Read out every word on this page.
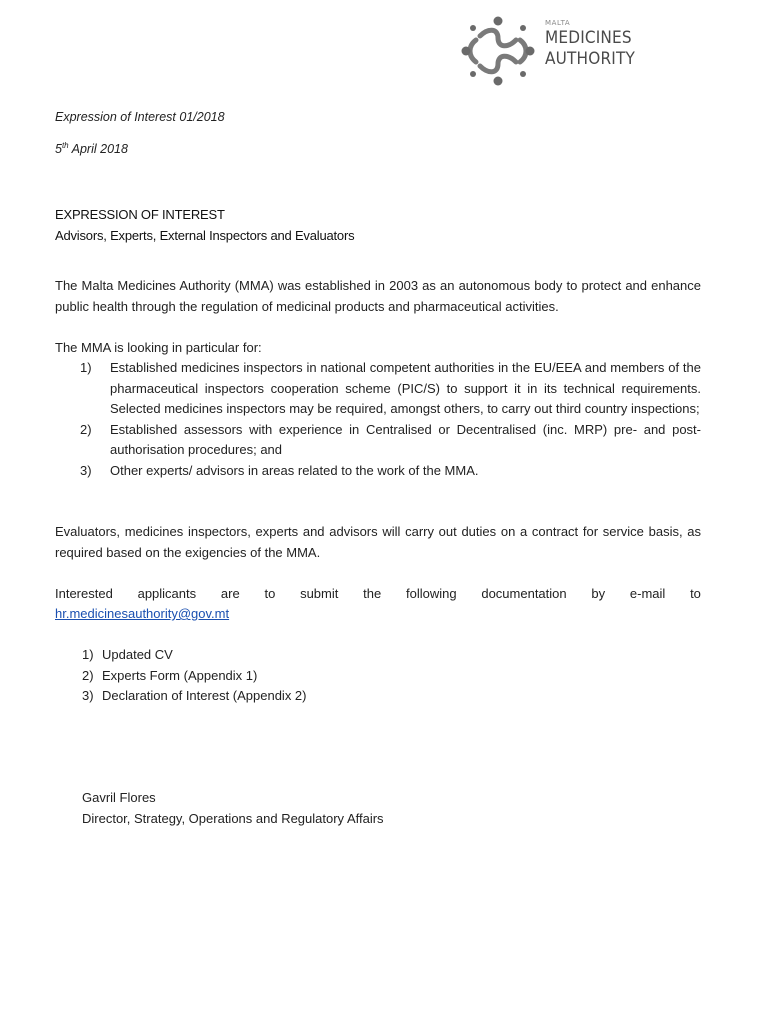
MALTA
MEDICINES
AUTHORITY
Expression of Interest 01/2018
5th April 2018
EXPRESSION OF INTEREST
Advisors, Experts, External Inspectors and Evaluators
The Malta Medicines Authority (MMA) was established in 2003 as an autonomous body to protect and enhance public health through the regulation of medicinal products and pharmaceutical activities.
The MMA is looking in particular for:
1) Established medicines inspectors in national competent authorities in the EU/EEA and members of the pharmaceutical inspectors cooperation scheme (PIC/S) to support it in its technical requirements. Selected medicines inspectors may be required, amongst others, to carry out third country inspections;
2) Established assessors with experience in Centralised or Decentralised (inc. MRP) pre- and post-authorisation procedures; and
3) Other experts/ advisors in areas related to the work of the MMA.
Evaluators, medicines inspectors, experts and advisors will carry out duties on a contract for service basis, as required based on the exigencies of the MMA.
Interested applicants are to submit the following documentation by e-mail to
hr.medicinesauthority@gov.mt
1) Updated CV
2) Experts Form (Appendix 1)
3) Declaration of Interest (Appendix 2)
Gavril Flores
Director, Strategy, Operations and Regulatory Affairs
